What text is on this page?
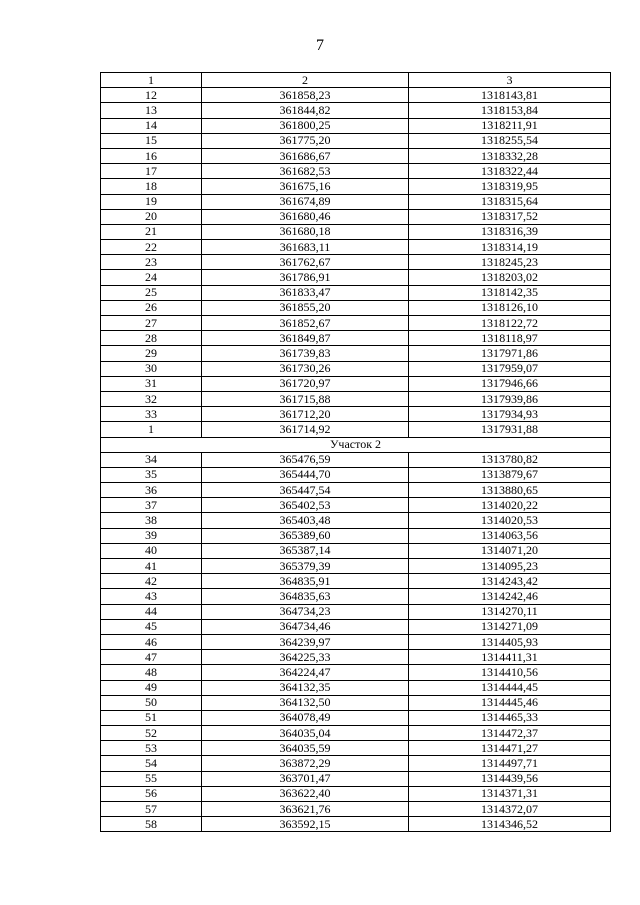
7
1	2	3
12	361858,23	1318143,81
13	361844,82	1318153,84
14	361800,25	1318211,91
15	361775,20	1318255,54
16	361686,67	1318332,28
17	361682,53	1318322,44
18	361675,16	1318319,95
19	361674,89	1318315,64
20	361680,46	1318317,52
21	361680,18	1318316,39
22	361683,11	1318314,19
23	361762,67	1318245,23
24	361786,91	1318203,02
25	361833,47	1318142,35
26	361855,20	1318126,10
27	361852,67	1318122,72
28	361849,87	1318118,97
29	361739,83	1317971,86
30	361730,26	1317959,07
31	361720,97	1317946,66
32	361715,88	1317939,86
33	361712,20	1317934,93
1	361714,92	1317931,88
Участок 2		
34	365476,59	1313780,82
35	365444,70	1313879,67
36	365447,54	1313880,65
37	365402,53	1314020,22
38	365403,48	1314020,53
39	365389,60	1314063,56
40	365387,14	1314071,20
41	365379,39	1314095,23
42	364835,91	1314243,42
43	364835,63	1314242,46
44	364734,23	1314270,11
45	364734,46	1314271,09
46	364239,97	1314405,93
47	364225,33	1314411,31
48	364224,47	1314410,56
49	364132,35	1314444,45
50	364132,50	1314445,46
51	364078,49	1314465,33
52	364035,04	1314472,37
53	364035,59	1314471,27
54	363872,29	1314497,71
55	363701,47	1314439,56
56	363622,40	1314371,31
57	363621,76	1314372,07
58	363592,15	1314346,52
